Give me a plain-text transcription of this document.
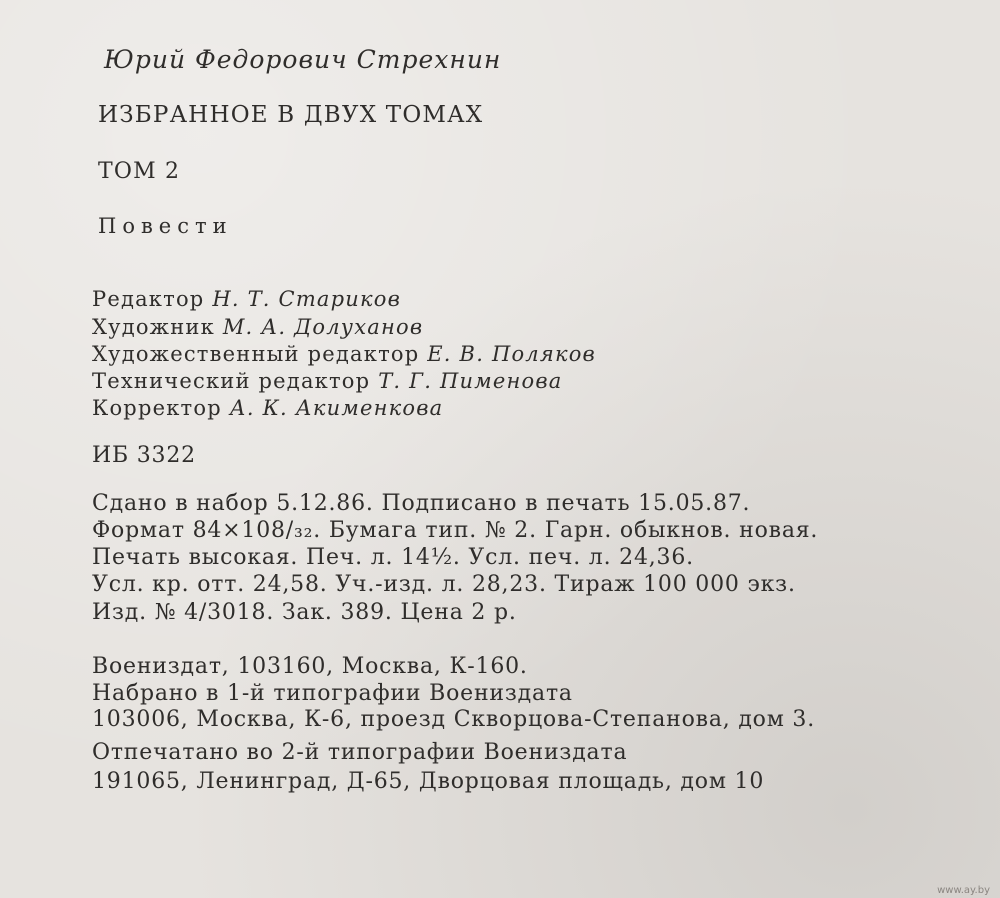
Юрий Федорович Стрехнин
ИЗБРАННОЕ В ДВУХ ТОМАХ
ТОМ 2
Повести
Редактор Н. Т. Стариков
Художник М. А. Долуханов
Художественный редактор Е. В. Поляков
Технический редактор Т. Г. Пименова
Корректор А. К. Акименкова
ИБ 3322
Сдано в набор 5.12.86. Подписано в печать 15.05.87.
Формат 84×108/₃₂. Бумага тип. № 2. Гарн. обыкнов. новая.
Печать высокая. Печ. л. 14½. Усл. печ. л. 24,36.
Усл. кр. отт. 24,58. Уч.-изд. л. 28,23. Тираж 100 000 экз.
Изд. № 4/3018. Зак. 389. Цена 2 р.
Воениздат, 103160, Москва, К-160.
Набрано в 1-й типографии Воениздата
103006, Москва, К-6, проезд Скворцова-Степанова, дом 3.
Отпечатано во 2-й типографии Воениздата
191065, Ленинград, Д-65, Дворцовая площадь, дом 10
www.ay.by
